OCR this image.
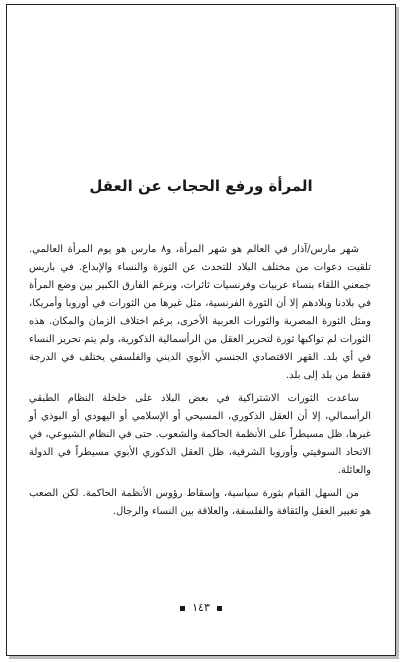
المرأة ورفع الحجاب عن العقل

شهر مارس/آذار في العالم هو شهر المرأة، و٨ مارس هو يوم المرأة العالمي. تلقيت دعوات من مختلف البلاد للتحدث عن الثورة والنساء والإبداع. في باريس جمعني اللقاء بنساء عربيات وفرنسيات ثائرات، وبرغم الفارق الكبير بين وضع المرأة في بلادنا وبلادهم إلا أن الثورة الفرنسية، مثل غيرها من الثورات في أوروبا وأمريكا، ومثل الثورة المصرية والثورات العربية الأخرى، برغم اختلاف الزمان والمكان. هذه الثورات لم تواكبها ثورة لتحرير العقل من الرأسمالية الذكورية، ولم يتم تحرير النساء في أي بلد. القهر الاقتصادي الجنسي الأبوي الديني والفلسفي يختلف في الدرجة فقط من بلد إلى بلد.

ساعدت الثورات الاشتراكية في بعض البلاد على خلخلة النظام الطبقي الرأسمالي، إلا أن العقل الذكوري، المسيحي أو الإسلامي أو اليهودي أو البوذي أو غيرها، ظل مسيطراً على الأنظمة الحاكمة والشعوب. حتى في النظام الشيوعي، في الاتحاد السوفيتي وأوروبا الشرقية، ظل العقل الذكوري الأبوي مسيطراً في الدولة والعائلة.

من السهل القيام بثورة سياسية، وإسقاط رؤوس الأنظمة الحاكمة. لكن الصعب هو تغيير العقل والثقافة والفلسفة، والعلاقة بين النساء والرجال.

١٤٣
